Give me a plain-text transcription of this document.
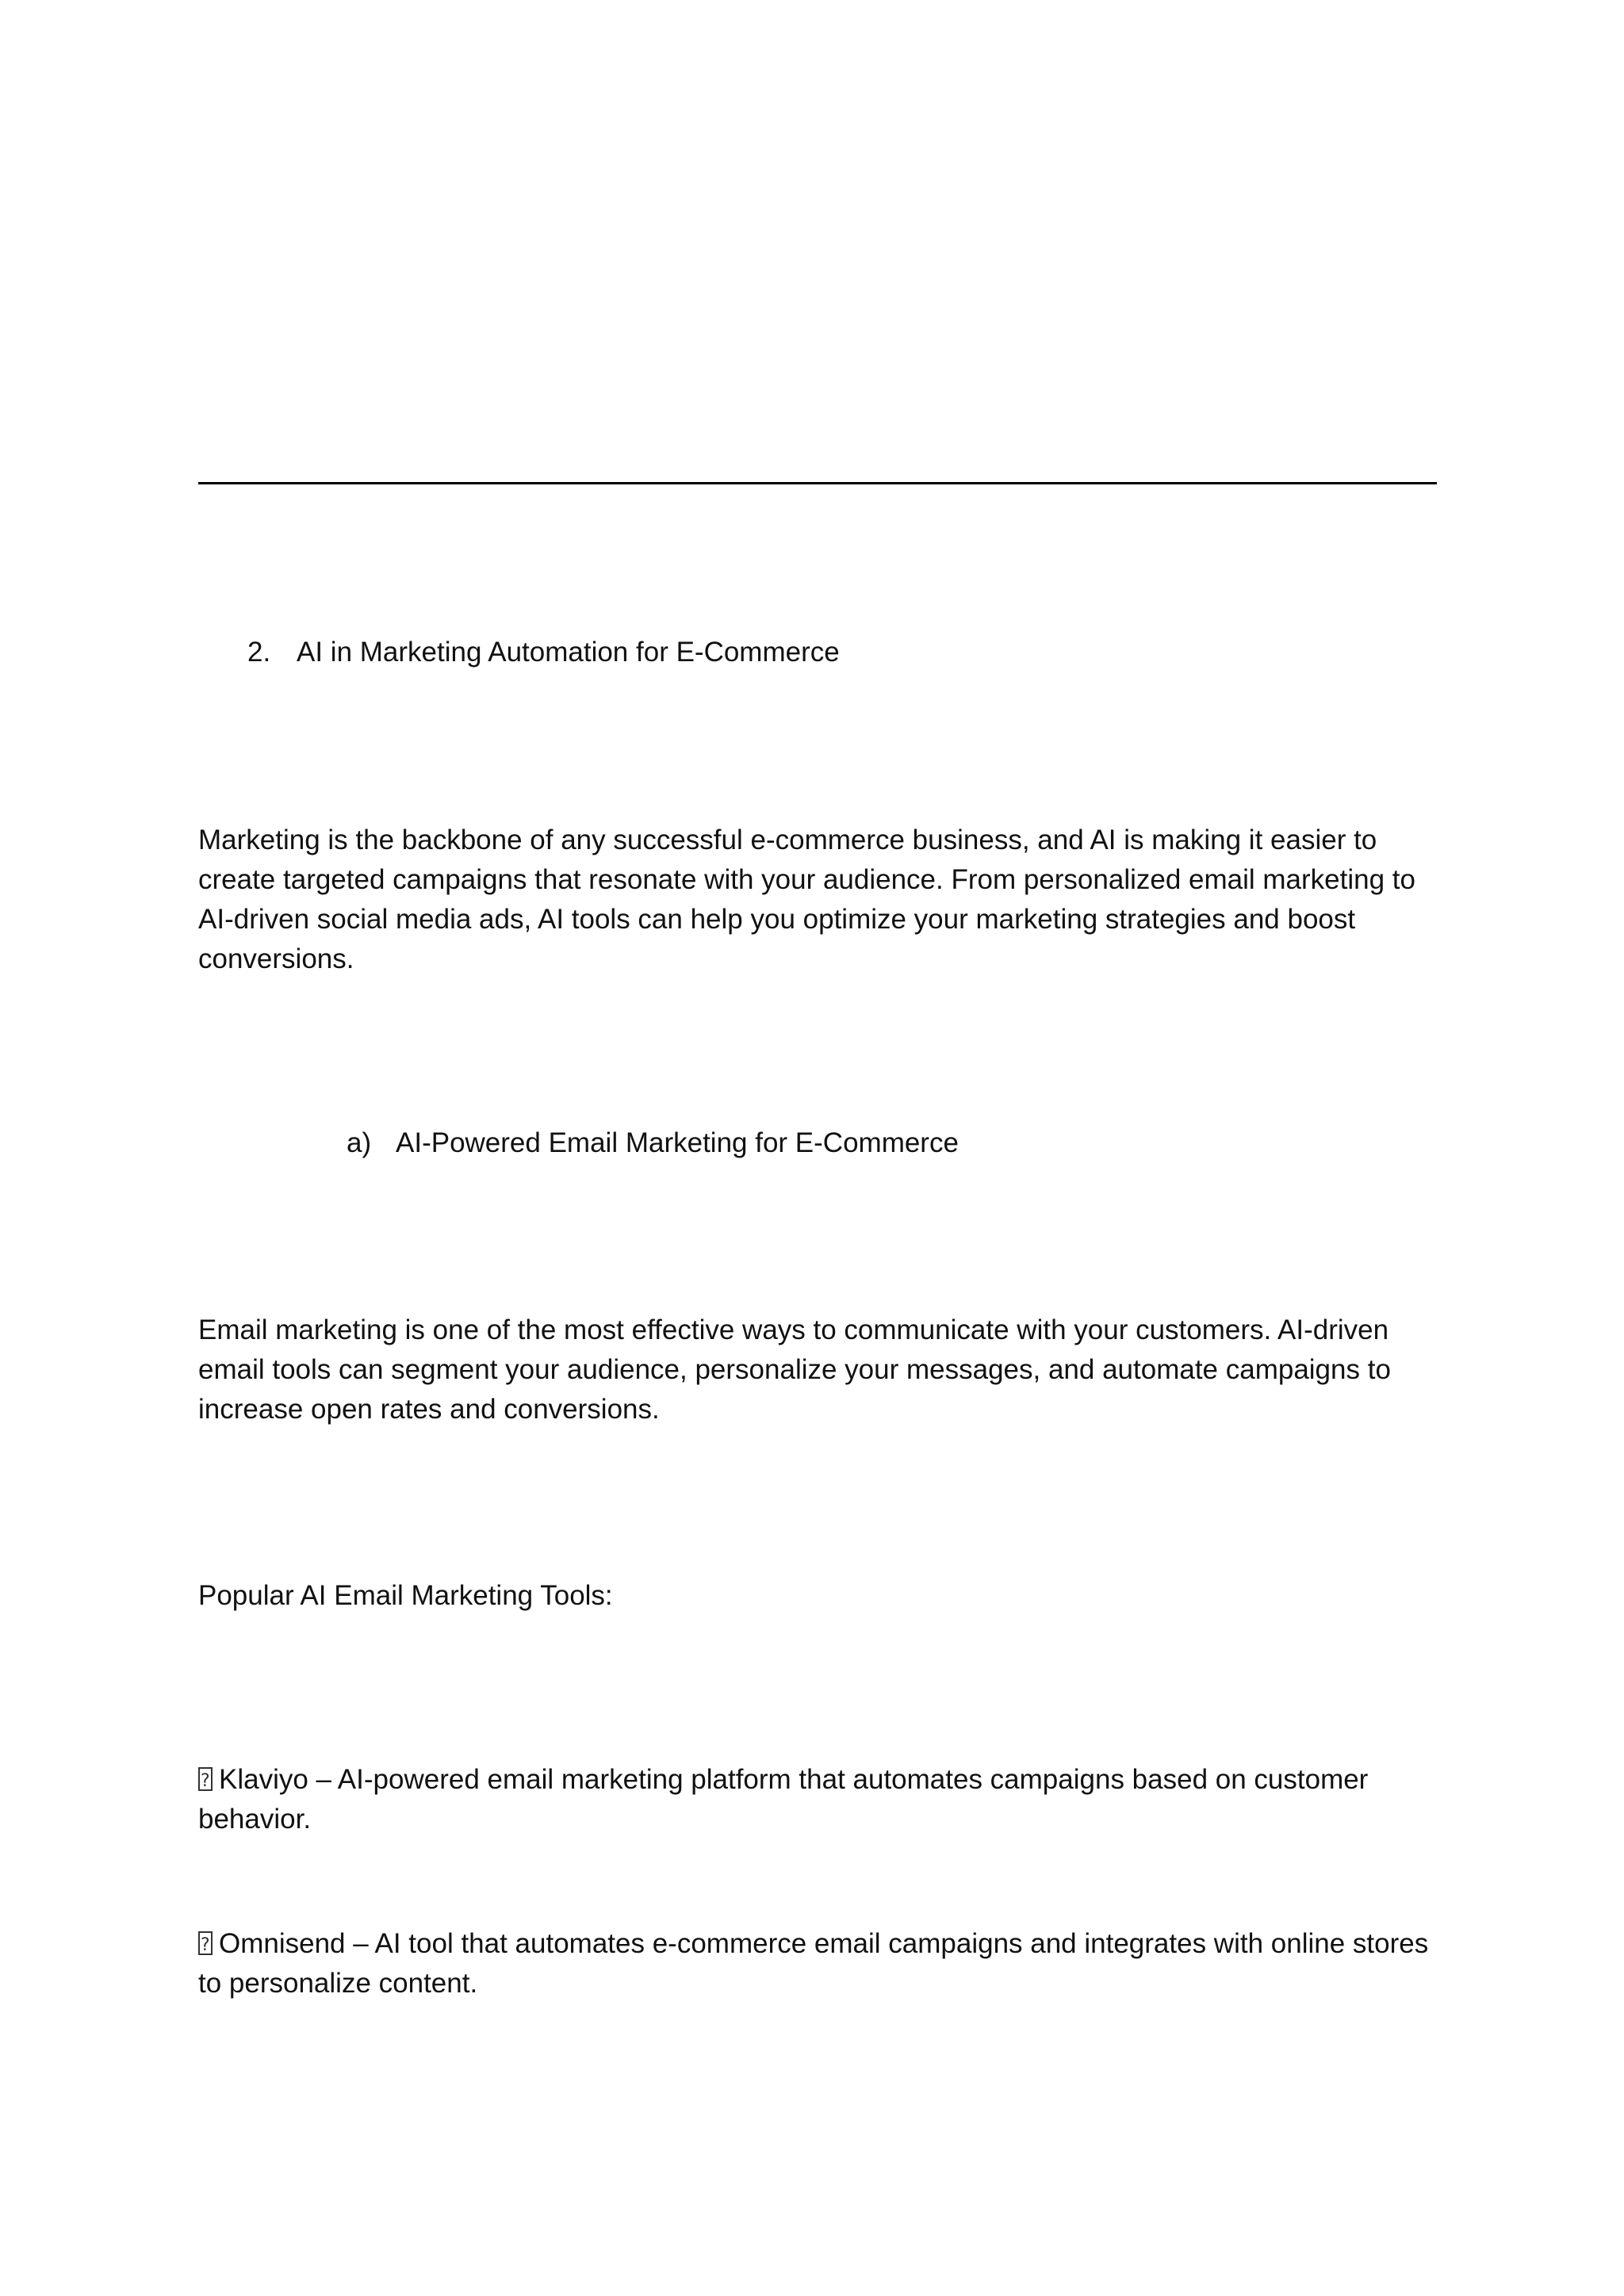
2. AI in Marketing Automation for E-Commerce
Marketing is the backbone of any successful e-commerce business, and AI is making it easier to create targeted campaigns that resonate with your audience. From personalized email marketing to AI-driven social media ads, AI tools can help you optimize your marketing strategies and boost conversions.
a) AI-Powered Email Marketing for E-Commerce
Email marketing is one of the most effective ways to communicate with your customers. AI-driven email tools can segment your audience, personalize your messages, and automate campaigns to increase open rates and conversions.
Popular AI Email Marketing Tools:
?Klaviyo – AI-powered email marketing platform that automates campaigns based on customer behavior.
?Omnisend – AI tool that automates e-commerce email campaigns and integrates with online stores to personalize content.
